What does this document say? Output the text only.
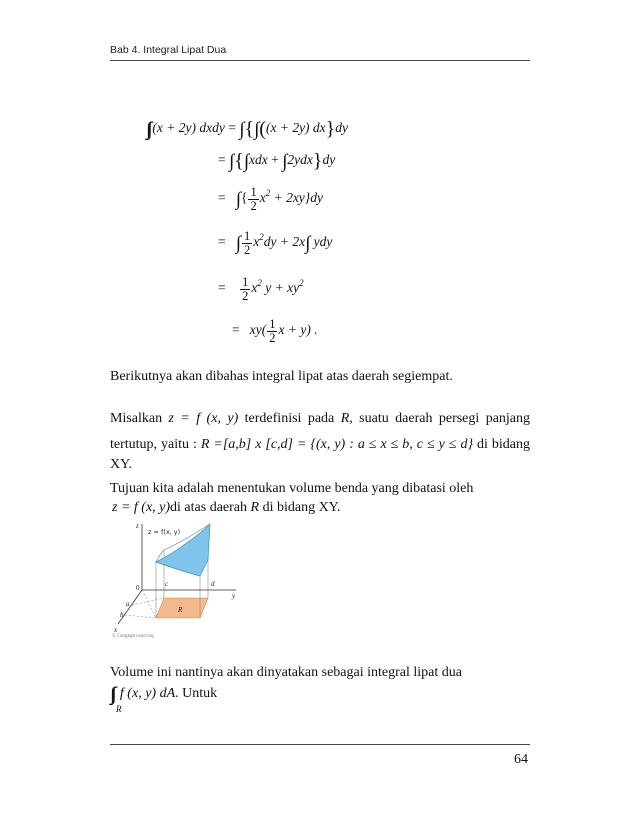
Bab 4. Integral Lipat Dua
∫∫ (x + 2y) dxdy = ∫ {∫ ((x + 2y) dx}dy
= ∫ {∫ xdx + ∫ 2ydx}dy
= ∫ { $\frac{1}{2} x^2 + 2xy\}dy$
= ∫ $\frac{1}{2} x^2dy + 2x\int$ ydy
= $\frac{1}{2} x^2$ $y + xy^2$
= $xy( \frac{1}{2}$ x + y) .
Berikutnya akan dibahas integral lipat atas daerah segiempat.
Misalkan z = f (x, y) terdefinisi pada R, suatu daerah persegi panjang
tertutup, yaitu : R =[a,b] x [c,d] = {(x, y) : a ≤ x ≤ b, c ≤ y ≤ d} di bidang
XY.
Tujuan kita adalah menentukan volume benda yang dibatasi oleh
z = f (x, y)di atas daerah R di bidang XY.
z = f(x, y)
z
y
x
0
a
b
c	d
R
© Cengage Learning
Volume ini nantinya akan dinyatakan sebagai integral lipat dua
∫∫ f (x, y) dA. Untuk
R
64
